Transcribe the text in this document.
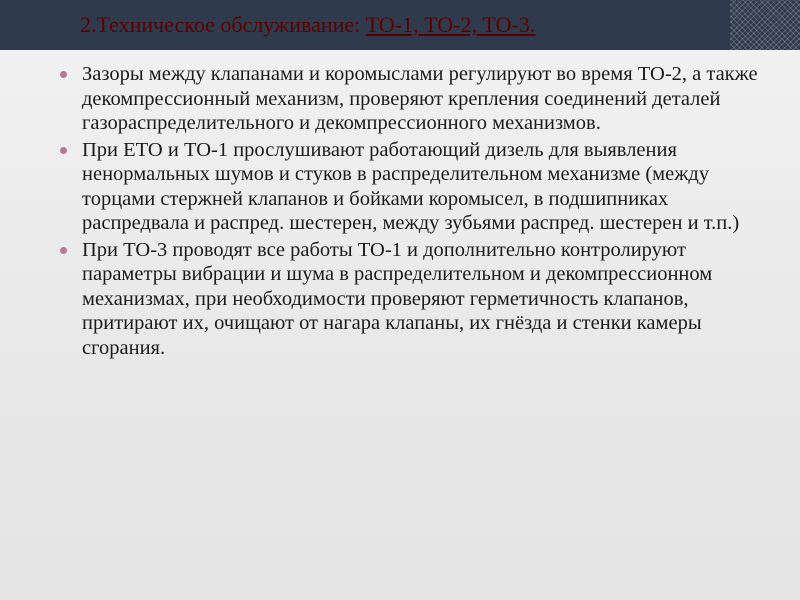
2.Техническое обслуживание: ТО-1, ТО-2, ТО-3.
Зазоры между клапанами и коромыслами регулируют во время ТО-2, а также декомпрессионный механизм, проверяют крепления соединений деталей газораспределительного и декомпрессионного механизмов.
При ЕТО и ТО-1 прослушивают работающий дизель для выявления ненормальных шумов и стуков в распределительном механизме (между торцами стержней клапанов и бойками коромысел, в подшипниках распредвала и распред. шестерен, между зубьями распред. шестерен и т.п.)
При ТО-3 проводят все работы ТО-1 и дополнительно контролируют параметры вибрации и шума в распределительном и декомпрессионном механизмах, при необходимости проверяют герметичность клапанов, притирают их, очищают от нагара клапаны, их гнёзда и стенки камеры сгорания.
